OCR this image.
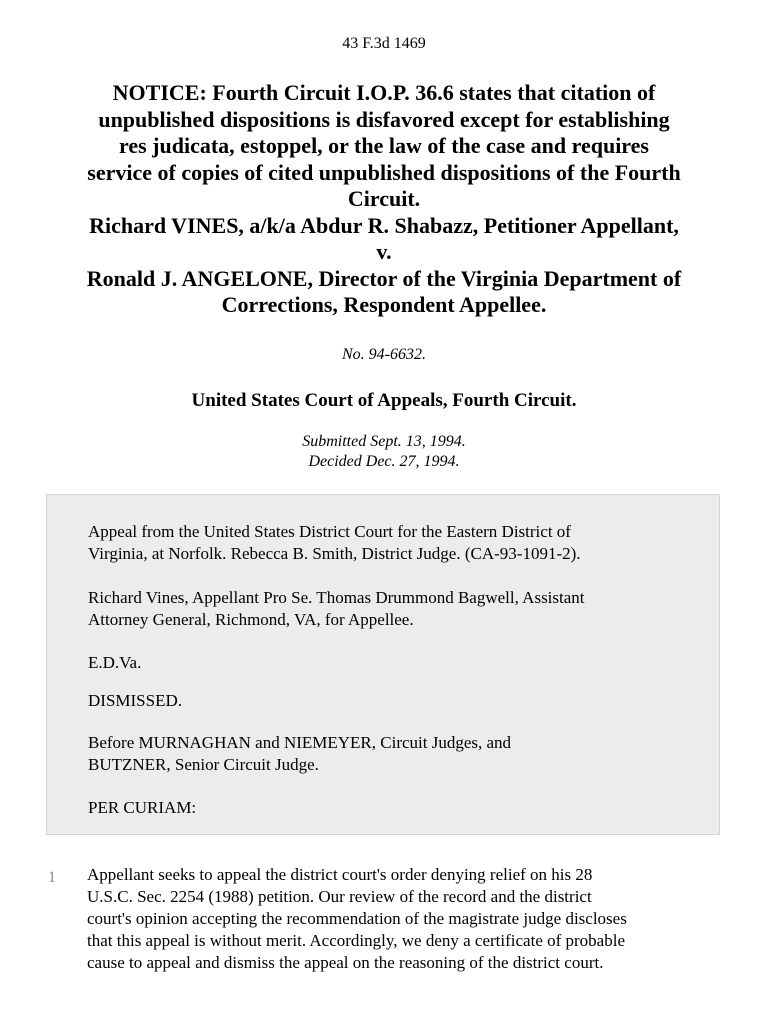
43 F.3d 1469
NOTICE: Fourth Circuit I.O.P. 36.6 states that citation of
unpublished dispositions is disfavored except for establishing
res judicata, estoppel, or the law of the case and requires
service of copies of cited unpublished dispositions of the Fourth
Circuit.
Richard VINES, a/k/a Abdur R. Shabazz, Petitioner Appellant,
v.
Ronald J. ANGELONE, Director of the Virginia Department of
Corrections, Respondent Appellee.
No. 94-6632.
United States Court of Appeals, Fourth Circuit.
Submitted Sept. 13, 1994.
Decided Dec. 27, 1994.

Appeal from the United States District Court for the Eastern District of
Virginia, at Norfolk. Rebecca B. Smith, District Judge. (CA-93-1091-2).

Richard Vines, Appellant Pro Se. Thomas Drummond Bagwell, Assistant
Attorney General, Richmond, VA, for Appellee.

E.D.Va.

DISMISSED.

Before MURNAGHAN and NIEMEYER, Circuit Judges, and
BUTZNER, Senior Circuit Judge.

PER CURIAM:

1 Appellant seeks to appeal the district court's order denying relief on his 28
U.S.C. Sec. 2254 (1988) petition. Our review of the record and the district
court's opinion accepting the recommendation of the magistrate judge discloses
that this appeal is without merit. Accordingly, we deny a certificate of probable
cause to appeal and dismiss the appeal on the reasoning of the district court.
